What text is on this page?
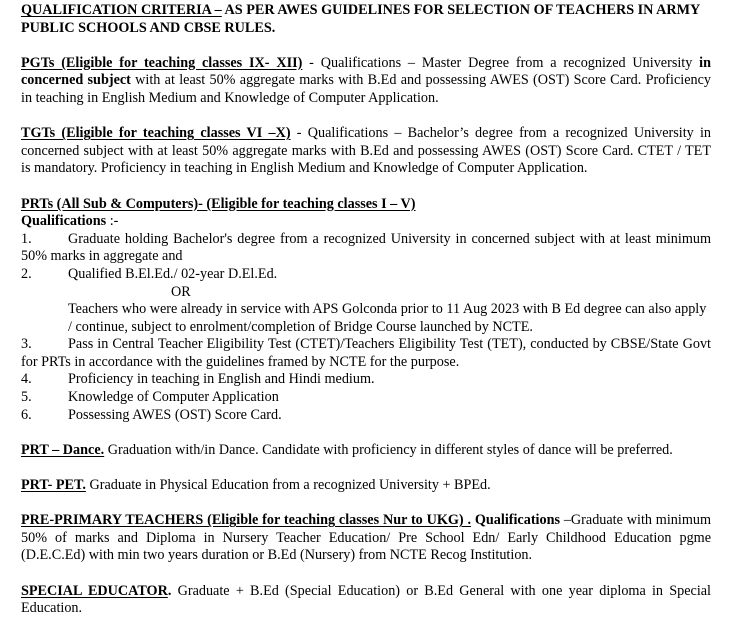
QUALIFICATION CRITERIA – AS PER AWES GUIDELINES FOR SELECTION OF TEACHERS IN ARMY

PUBLIC SCHOOLS AND CBSE RULES.

PGTs (Eligible for teaching classes IX- XII) - Qualifications – Master Degree from a recognized University in concerned subject with at least 50% aggregate marks with B.Ed and possessing AWES (OST) Score Card. Proficiency in teaching in English Medium and Knowledge of Computer Application.

TGTs (Eligible for teaching classes VI –X) - Qualifications – Bachelor’s degree from a recognized University in concerned subject with at least 50% aggregate marks with B.Ed and possessing AWES (OST) Score Card. CTET / TET is mandatory. Proficiency in teaching in English Medium and Knowledge of Computer Application.

PRTs (All Sub & Computers)- (Eligible for teaching classes I – V)

Qualifications :-

1.	Graduate holding Bachelor's degree from a recognized University in concerned subject with at least minimum 50% marks in aggregate and

2.	Qualified B.El.Ed./ 02-year D.El.Ed.

OR

Teachers who were already in service with APS Golconda prior to 11 Aug 2023 with B Ed degree can also apply / continue, subject to enrolment/completion of Bridge Course launched by NCTE.

3.	Pass in Central Teacher Eligibility Test (CTET)/Teachers Eligibility Test (TET), conducted by CBSE/State Govt for PRTs in accordance with the guidelines framed by NCTE for the purpose.

4.	Proficiency in teaching in English and Hindi medium.

5.	Knowledge of Computer Application

6.	Possessing AWES (OST) Score Card.

PRT – Dance. Graduation with/in Dance. Candidate with proficiency in different styles of dance will be preferred.

PRT- PET. Graduate in Physical Education from a recognized University + BPEd.

PRE-PRIMARY TEACHERS (Eligible for teaching classes Nur to UKG) . Qualifications –Graduate with minimum 50% of marks and Diploma in Nursery Teacher Education/ Pre School Edn/ Early Childhood Education pgme (D.E.C.Ed) with min two years duration or B.Ed (Nursery) from NCTE Recog Institution.

SPECIAL EDUCATOR. Graduate + B.Ed (Special Education) or B.Ed General with one year diploma in Special Education.
